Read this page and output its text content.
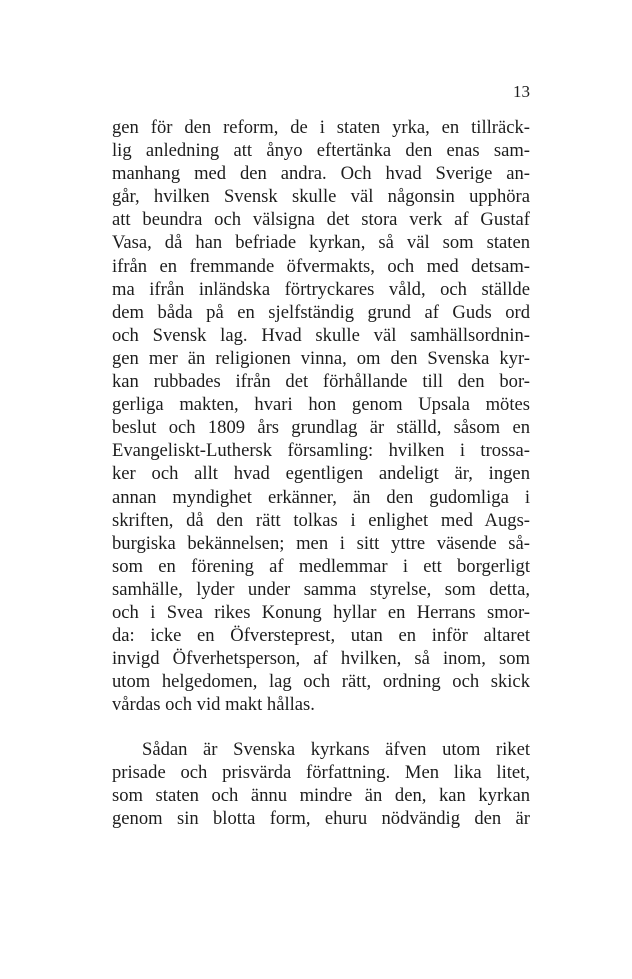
13
gen för den reform, de i staten yrka, en tillräck-
lig anledning att ånyo eftertänka den enas sam-
manhang med den andra. Och hvad Sverige an-
går, hvilken Svensk skulle väl någonsin upphöra
att beundra och välsigna det stora verk af Gustaf
Vasa, då han befriade kyrkan, så väl som staten
ifrån en fremmande öfvermakts, och med detsam-
ma ifrån inländska förtryckares våld, och ställde
dem båda på en sjelfständig grund af Guds ord
och Svensk lag. Hvad skulle väl samhällsordnin-
gen mer än religionen vinna, om den Svenska kyr-
kan rubbades ifrån det förhållande till den bor-
gerliga makten, hvari hon genom Upsala mötes
beslut och 1809 års grundlag är ställd, såsom en
Evangeliskt-Luthersk församling: hvilken i trossa-
ker och allt hvad egentligen andeligt är, ingen
annan myndighet erkänner, än den gudomliga i
skriften, då den rätt tolkas i enlighet med Augs-
burgiska bekännelsen; men i sitt yttre väsende så-
som en förening af medlemmar i ett borgerligt
samhälle, lyder under samma styrelse, som detta,
och i Svea rikes Konung hyllar en Herrans smor-
da: icke en Öfversteprest, utan en inför altaret
invigd Öfverhetsperson, af hvilken, så inom, som
utom helgedomen, lag och rätt, ordning och skick
vårdas och vid makt hållas.
Sådan är Svenska kyrkans äfven utom riket
prisade och prisvärda författning. Men lika litet,
som staten och ännu mindre än den, kan kyrkan
genom sin blotta form, ehuru nödvändig den är
